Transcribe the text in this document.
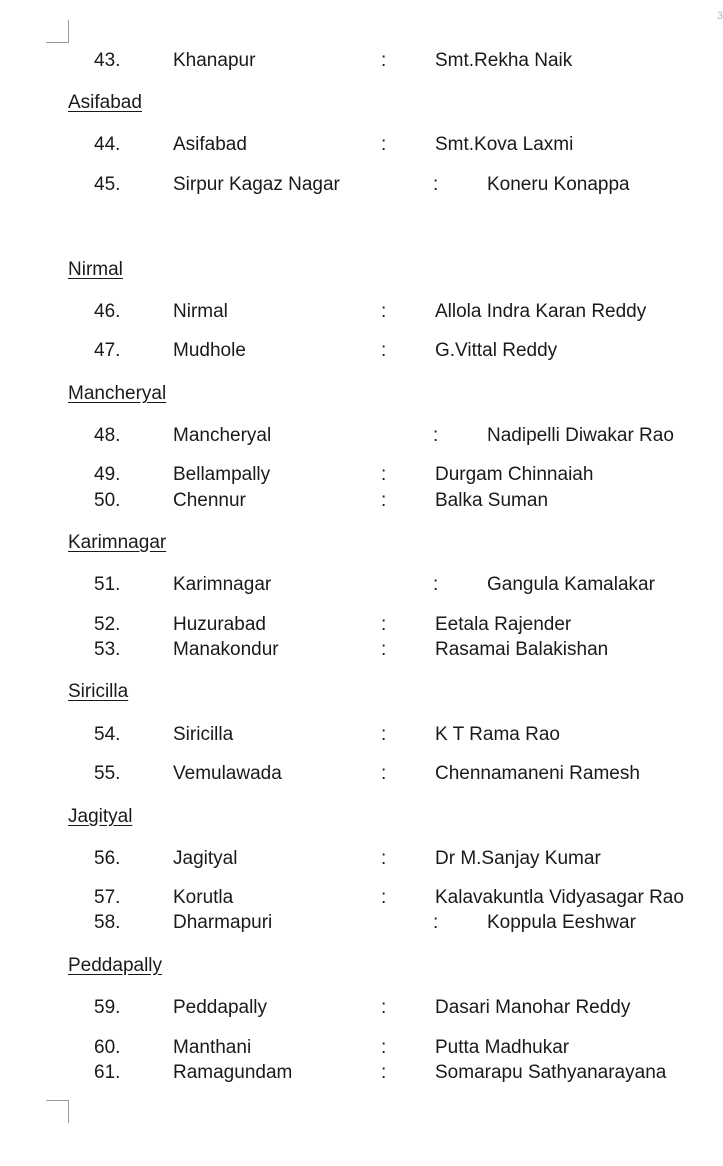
3
43.	Khanapur	:	Smt.Rekha Naik
Asifabad
44.	Asifabad	:	Smt.Kova Laxmi
45.	Sirpur Kagaz Nagar	:	Koneru Konappa
Nirmal
46.	Nirmal	:	Allola Indra Karan Reddy
47.	Mudhole	:	G.Vittal Reddy
Mancheryal
48.	Mancheryal	:	Nadipelli Diwakar Rao
49.	Bellampally	:	Durgam Chinnaiah
50.	Chennur	:	Balka Suman
Karimnagar
51.	Karimnagar	:	Gangula Kamalakar
52.	Huzurabad	:	Eetala Rajender
53.	Manakondur	:	Rasamai Balakishan
Siricilla
54.	Siricilla	:	K T Rama Rao
55.	Vemulawada	:	Chennamaneni Ramesh
Jagityal
56.	Jagityal	:	Dr M.Sanjay Kumar
57.	Korutla	:	Kalavakuntla Vidyasagar Rao
58.	Dharmapuri	:	Koppula Eeshwar
Peddapally
59.	Peddapally	:	Dasari Manohar Reddy
60.	Manthani	:	Putta Madhukar
61.	Ramagundam	:	Somarapu Sathyanarayana
